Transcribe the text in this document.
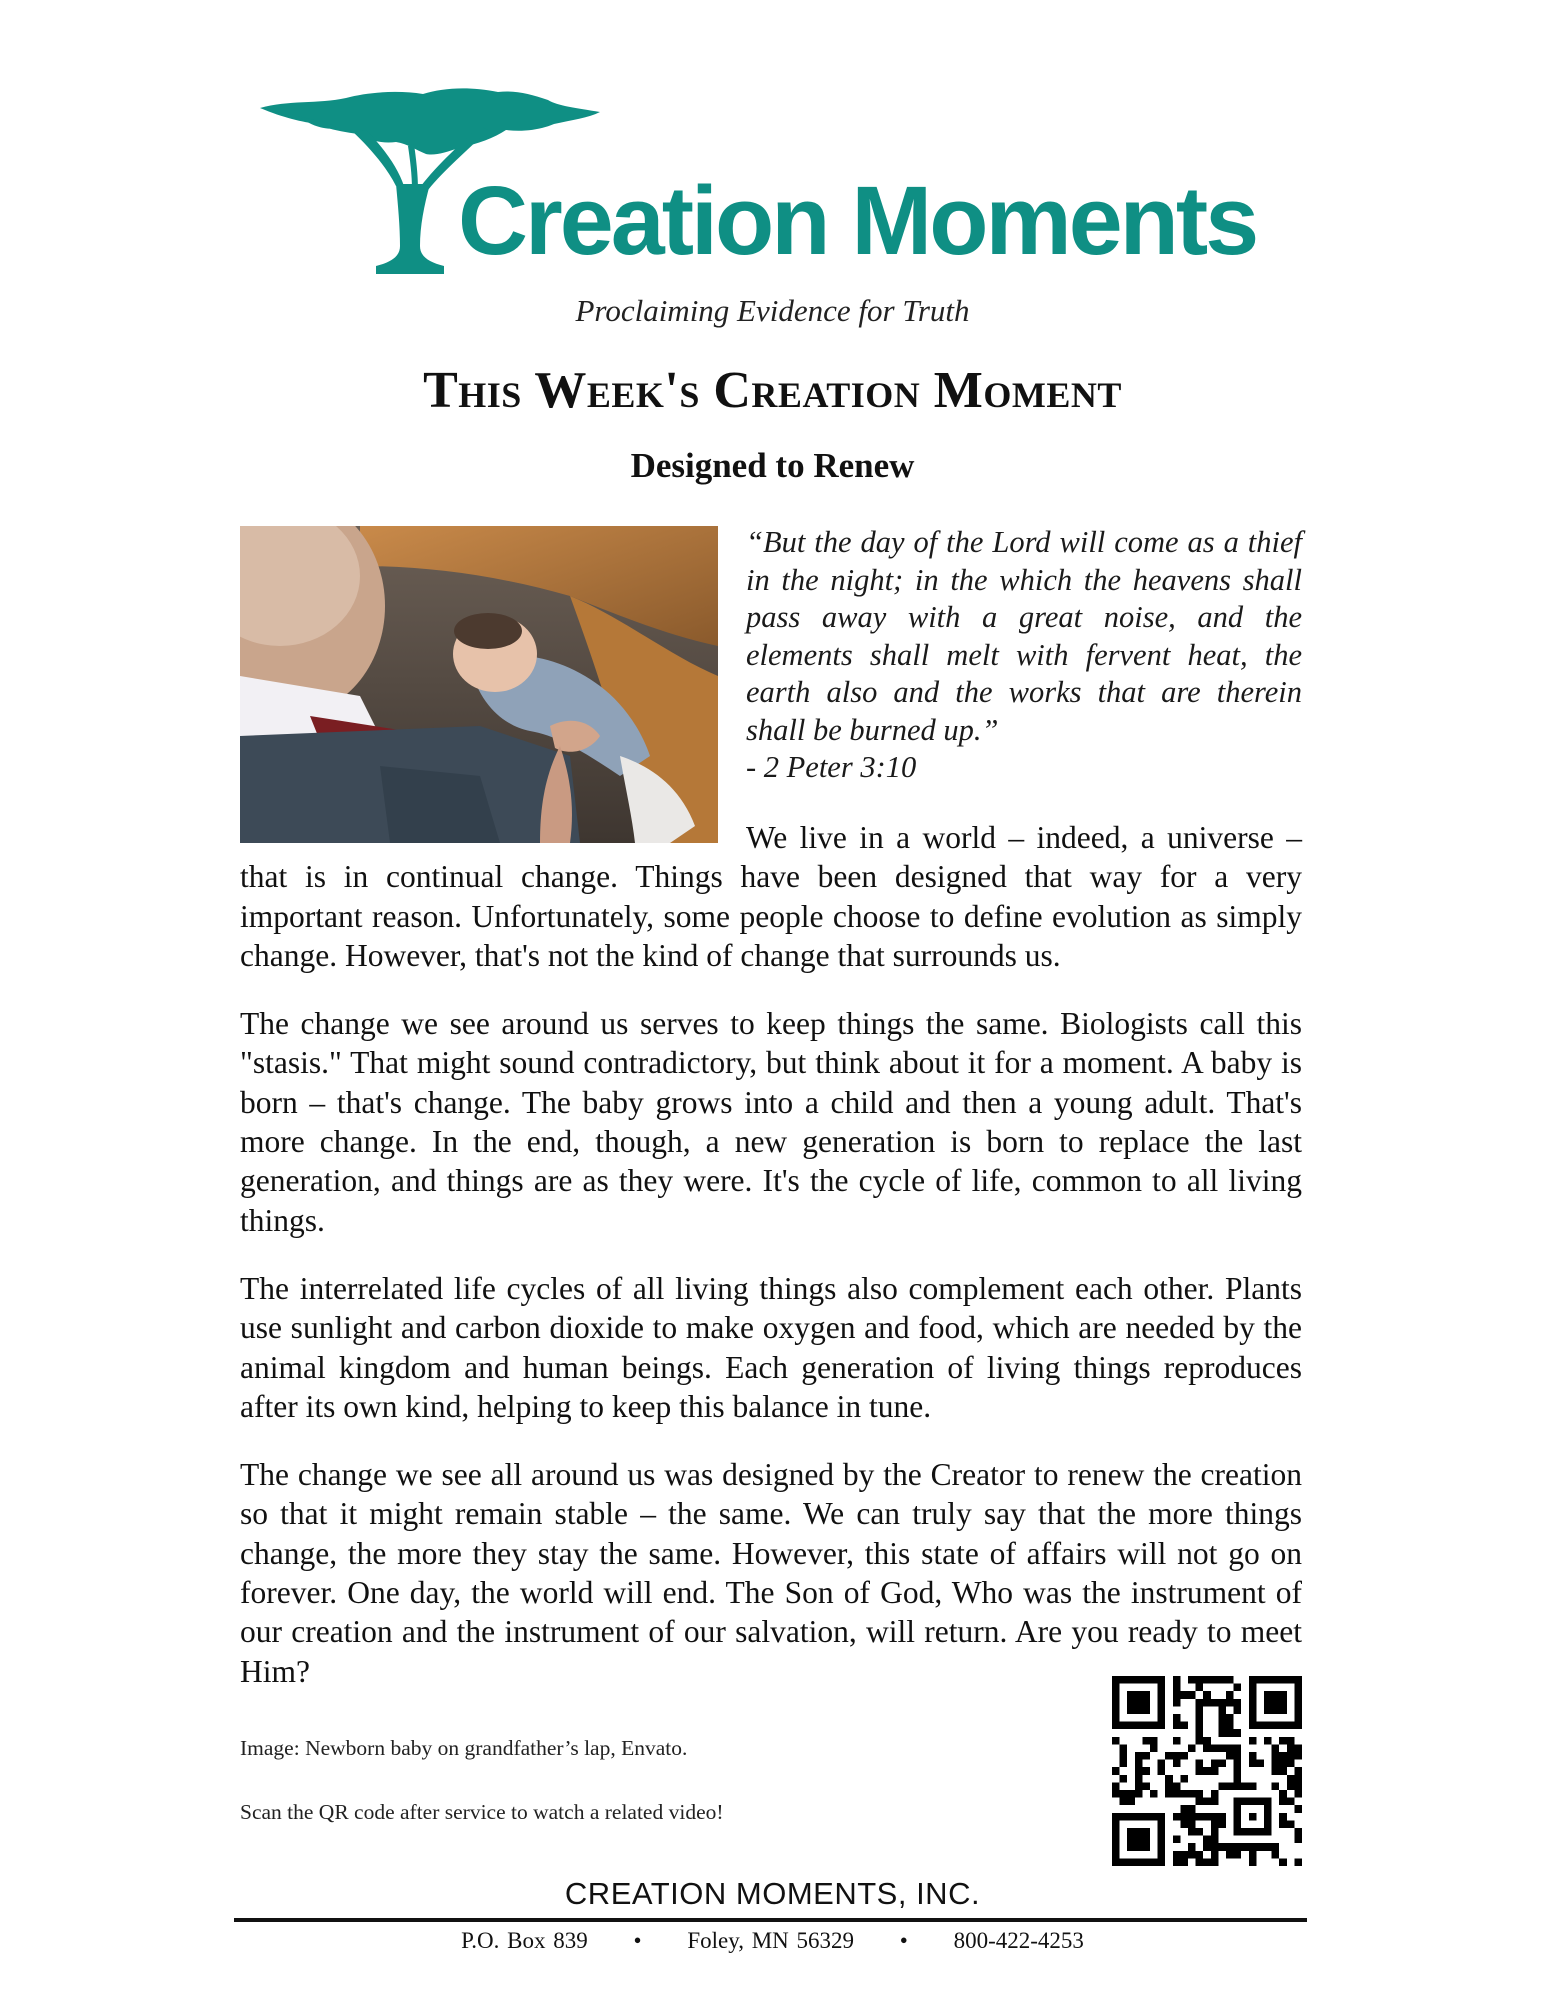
Creation Moments
Proclaiming Evidence for Truth
This Week's Creation Moment
Designed to Renew
“But the day of the Lord will come as a thief in the night; in the which the heavens shall pass away with a great noise, and the elements shall melt with fervent heat, the earth also and the works that are therein shall be burned up.”
- 2 Peter 3:10

We live in a world – indeed, a universe – that is in continual change. Things have been designed that way for a very important reason. Unfortunately, some people choose to define evolution as simply change. However, that's not the kind of change that surrounds us.

The change we see around us serves to keep things the same. Biologists call this "stasis." That might sound contradictory, but think about it for a moment. A baby is born – that's change. The baby grows into a child and then a young adult. That's more change. In the end, though, a new generation is born to replace the last generation, and things are as they were. It's the cycle of life, common to all living things.

The interrelated life cycles of all living things also complement each other. Plants use sunlight and carbon dioxide to make oxygen and food, which are needed by the animal kingdom and human beings. Each generation of living things reproduces after its own kind, helping to keep this balance in tune.

The change we see all around us was designed by the Creator to renew the creation so that it might remain stable – the same. We can truly say that the more things change, the more they stay the same. However, this state of affairs will not go on forever. One day, the world will end. The Son of God, Who was the instrument of our creation and the instrument of our salvation, will return. Are you ready to meet Him?

Image: Newborn baby on grandfather’s lap, Envato.
Scan the QR code after service to watch a related video!
CREATION MOMENTS, INC.
P.O. Box 839 • Foley, MN 56329 • 800-422-4253
